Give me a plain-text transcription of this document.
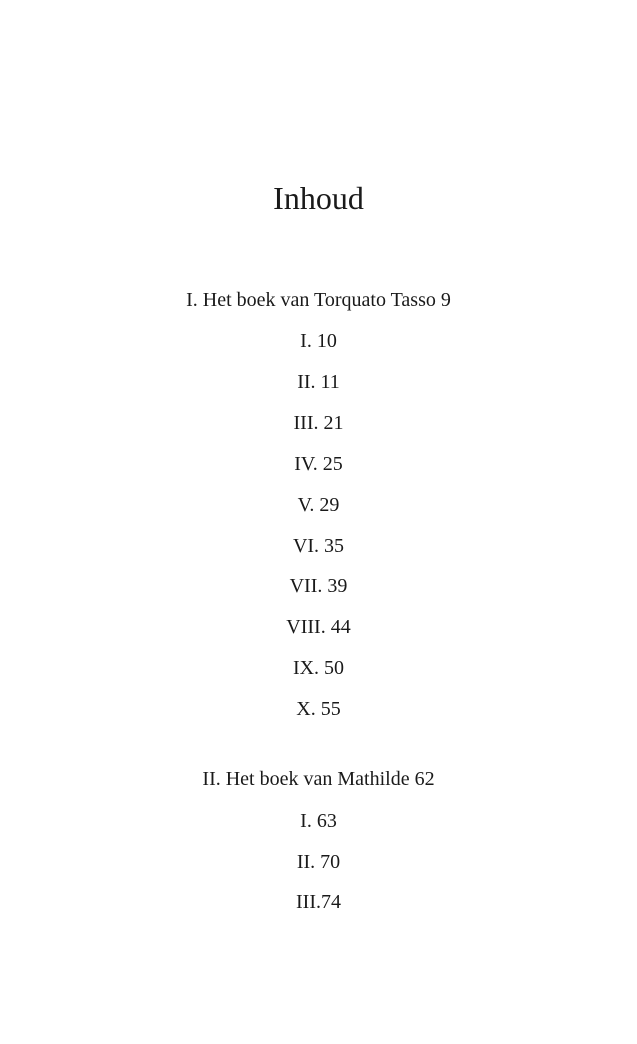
Inhoud
I. Het boek van Torquato Tasso 9
I. 10
II. 11
III. 21
IV. 25
V. 29
VI. 35
VII. 39
VIII. 44
IX. 50
X. 55
II. Het boek van Mathilde 62
I. 63
II. 70
III.74
